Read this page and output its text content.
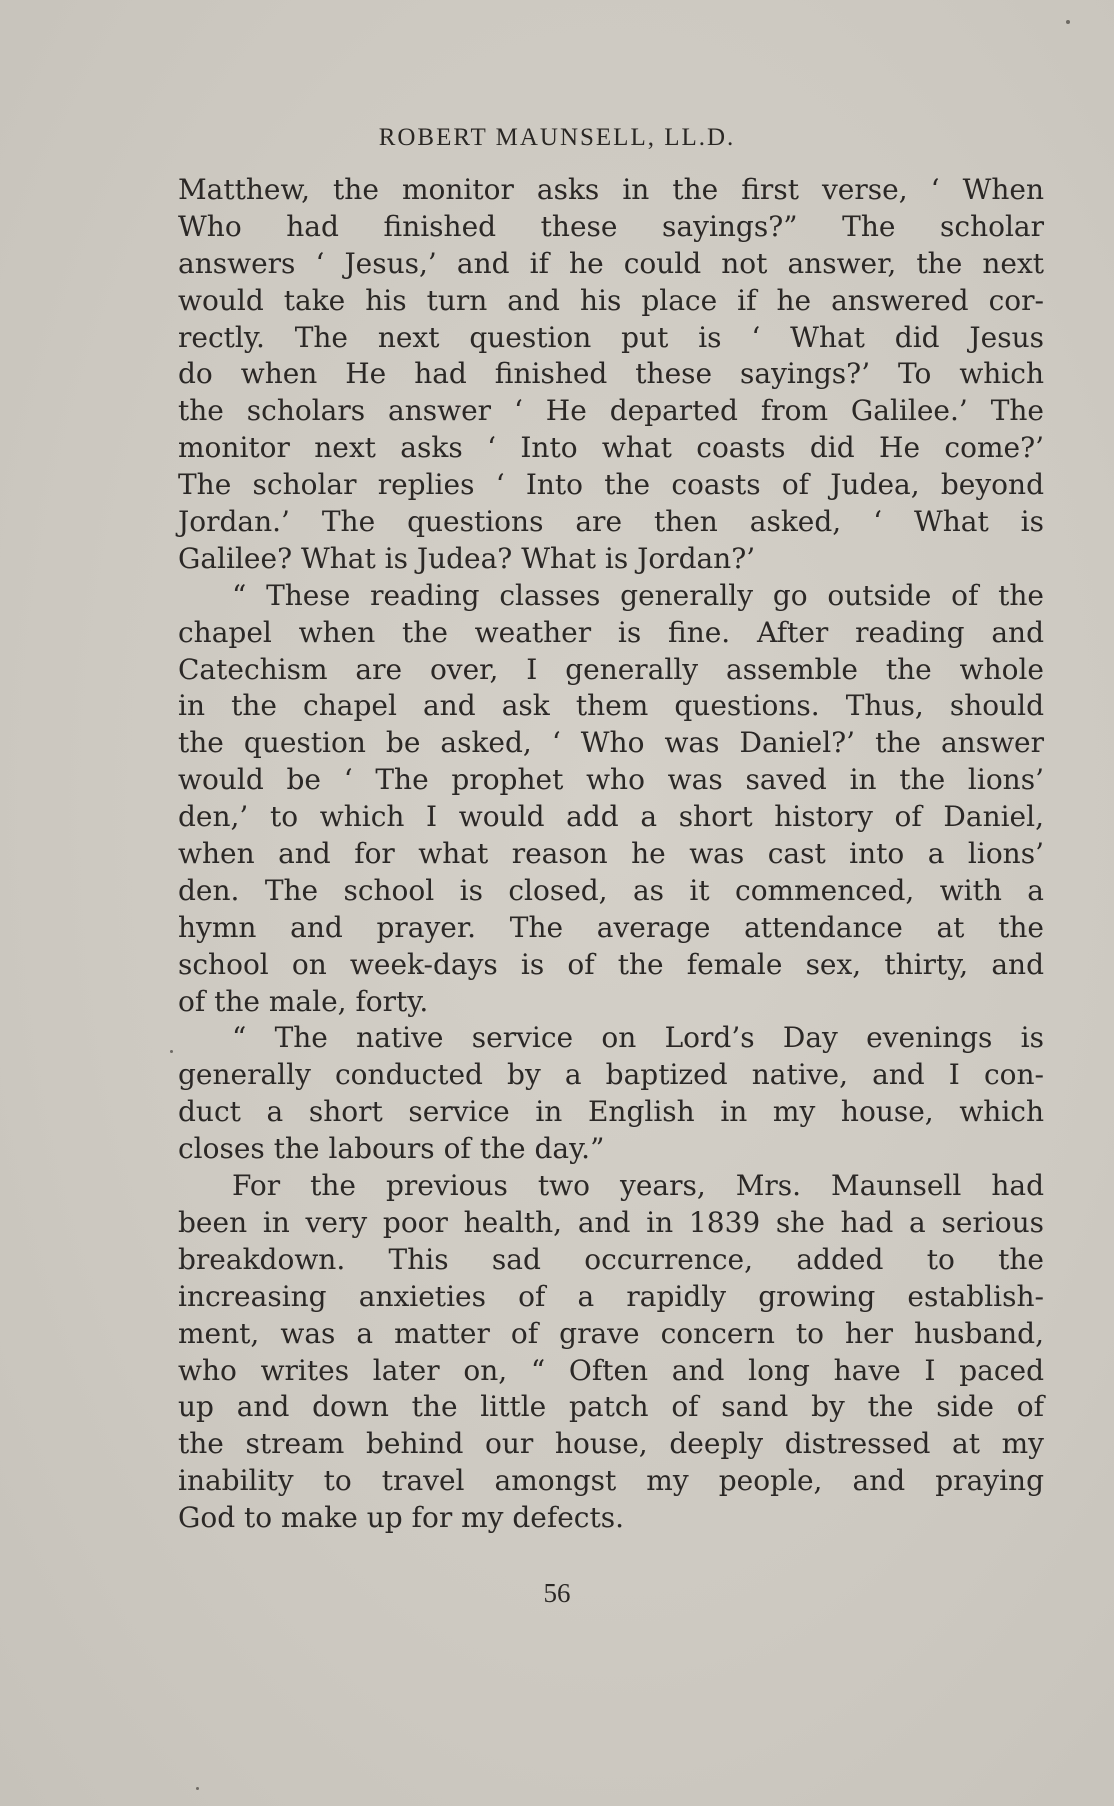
ROBERT MAUNSELL, LL.D.
Matthew, the monitor asks in the first verse, ‘ When
Who had finished these sayings?” The scholar
answers ‘ Jesus,’ and if he could not answer, the next
would take his turn and his place if he answered cor-
rectly. The next question put is ‘ What did Jesus
do when He had finished these sayings?’ To which
the scholars answer ‘ He departed from Galilee.’ The
monitor next asks ‘ Into what coasts did He come?’
The scholar replies ‘ Into the coasts of Judea, beyond
Jordan.’ The questions are then asked, ‘ What is
Galilee? What is Judea? What is Jordan?’
“ These reading classes generally go outside of the
chapel when the weather is fine. After reading and
Catechism are over, I generally assemble the whole
in the chapel and ask them questions. Thus, should
the question be asked, ‘ Who was Daniel?’ the answer
would be ‘ The prophet who was saved in the lions’
den,’ to which I would add a short history of Daniel,
when and for what reason he was cast into a lions’
den. The school is closed, as it commenced, with a
hymn and prayer. The average attendance at the
school on week-days is of the female sex, thirty, and
of the male, forty.
“ The native service on Lord’s Day evenings is
generally conducted by a baptized native, and I con-
duct a short service in English in my house, which
closes the labours of the day.”
For the previous two years, Mrs. Maunsell had
been in very poor health, and in 1839 she had a serious
breakdown. This sad occurrence, added to the
increasing anxieties of a rapidly growing establish-
ment, was a matter of grave concern to her husband,
who writes later on, “ Often and long have I paced
up and down the little patch of sand by the side of
the stream behind our house, deeply distressed at my
inability to travel amongst my people, and praying
God to make up for my defects.
56
